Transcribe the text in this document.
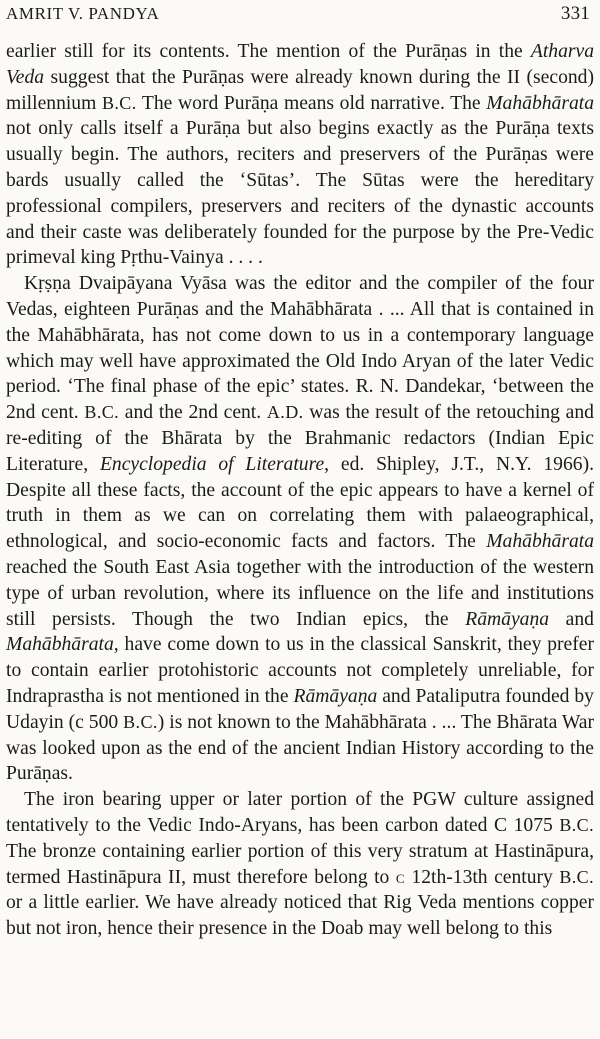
AMRIT V. PANDYA	331

earlier still for its contents. The mention of the Purāṇas in the Atharva Veda suggest that the Purāṇas were already known during the II (second) millennium B.C. The word Purāṇa means old narrative. The Mahābhārata not only calls itself a Purāṇa but also begins exactly as the Purāṇa texts usually begin. The authors, reciters and preservers of the Purāṇas were bards usually called the ‘Sūtas’. The Sūtas were the hereditary professional compilers, preservers and reciters of the dynastic accounts and their caste was deliberately founded for the purpose by the Pre-Vedic primeval king Pṛthu-Vainya . . . .

Kṛṣṇa Dvaipāyana Vyāsa was the editor and the compiler of the four Vedas, eighteen Purāṇas and the Mahābhārata . ... All that is contained in the Mahābhārata, has not come down to us in a contemporary language which may well have approximated the Old Indo Aryan of the later Vedic period. ‘The final phase of the epic’ states. R. N. Dandekar, ‘between the 2nd cent. B.C. and the 2nd cent. A.D. was the result of the retouching and re-editing of the Bhārata by the Brahmanic redactors (Indian Epic Literature, Encyclopedia of Literature, ed. Shipley, J.T., N.Y. 1966). Despite all these facts, the account of the epic appears to have a kernel of truth in them as we can on correlating them with palaeographical, ethnological, and socio-economic facts and factors. The Mahābhārata reached the South East Asia together with the introduction of the western type of urban revolution, where its influence on the life and institutions still persists. Though the two Indian epics, the Rāmāyaṇa and Mahābhārata, have come down to us in the classical Sanskrit, they prefer to contain earlier protohistoric accounts not completely unreliable, for Indraprastha is not mentioned in the Rāmāyaṇa and Pataliputra founded by Udayin (c 500 B.C.) is not known to the Mahābhārata . ... The Bhārata War was looked upon as the end of the ancient Indian History according to the Purāṇas.

The iron bearing upper or later portion of the PGW culture assigned tentatively to the Vedic Indo-Aryans, has been carbon dated C 1075 B.C. The bronze containing earlier portion of this very stratum at Hastināpura, termed Hastināpura II, must therefore belong to c 12th-13th century B.C. or a little earlier. We have already noticed that Rig Veda mentions copper but not iron, hence their presence in the Doab may well belong to this
